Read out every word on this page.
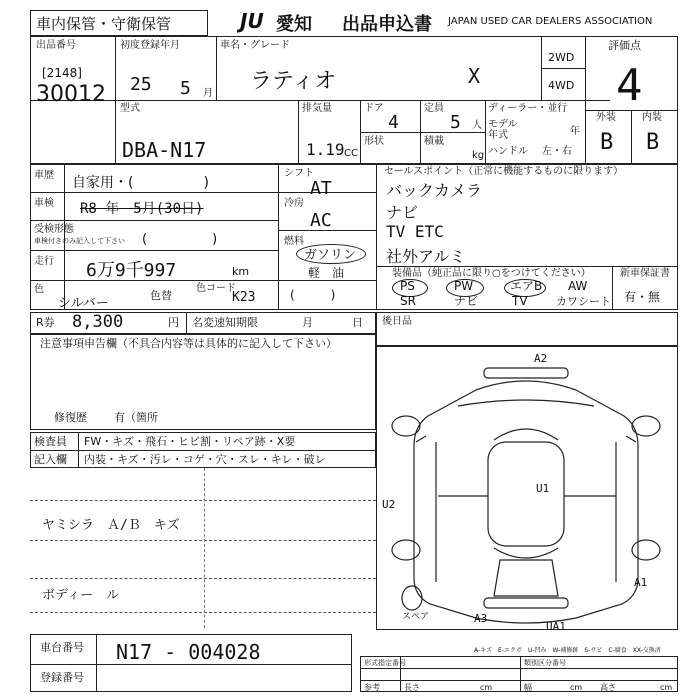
車内保管・守衛保管	JU 愛知 出品申込書 JAPAN USED CAR DEALERS ASSOCIATION
出品番号
[2148]
30012
初度登録年月
25 5 月
車名・グレード
ラティオ	X
2WD
4WD
型式
DBA-N17
排気量
1.19 CC
ドア
4
形状
定員
5 人
積載
kg
ディーラー・並行
モデル
年式	年
ハンドル 左・右
評価点
4
外装	内装
B B
車歴 自家用・(　　　　　)
車検 R8 年　5月(30日)
受検形態
車検付きのみ記入して下さい (　　　　　)
走行 6万9千997	km
色
シルバー
色替
色コード
K23
シフト
AT
冷房
AC
燃料
ガソリン
軽　油
(　　　)
セールスポイント（正常に機能するものに限ります）
バックカメラ
ナビ
TV ETC
社外アルミ
装備品（純正品に限り○をつけてください）
PS	PW	エアB AW
SR	ナビ	TV	カワシート
新車保証書
有・無
R券 8,300	円 名変速知期限	月	日
注意事項申告欄（不具合内容等は具体的に記入して下さい）
修復歴 有（箇所
後日品
検査員
記入欄
FW・キズ・飛石・ヒビ割・リペア跡・X要
内装・キズ・汚レ・コゲ・穴・スレ・キレ・破レ
ヤミシラ　Ａ/Ｂ　キズ
ボディー　ル
A2
U1
U2
A1
A3
UA1
スペア
A-キズ　E-エクボ　U-凹み　W-補修跡　S-サビ　C-腐食　XX-交換済
車台番号 N17 - 004028
登録番号
形式指定番号	類別区分番号
参考	長さ	cm	幅	cm 高さ	cm
